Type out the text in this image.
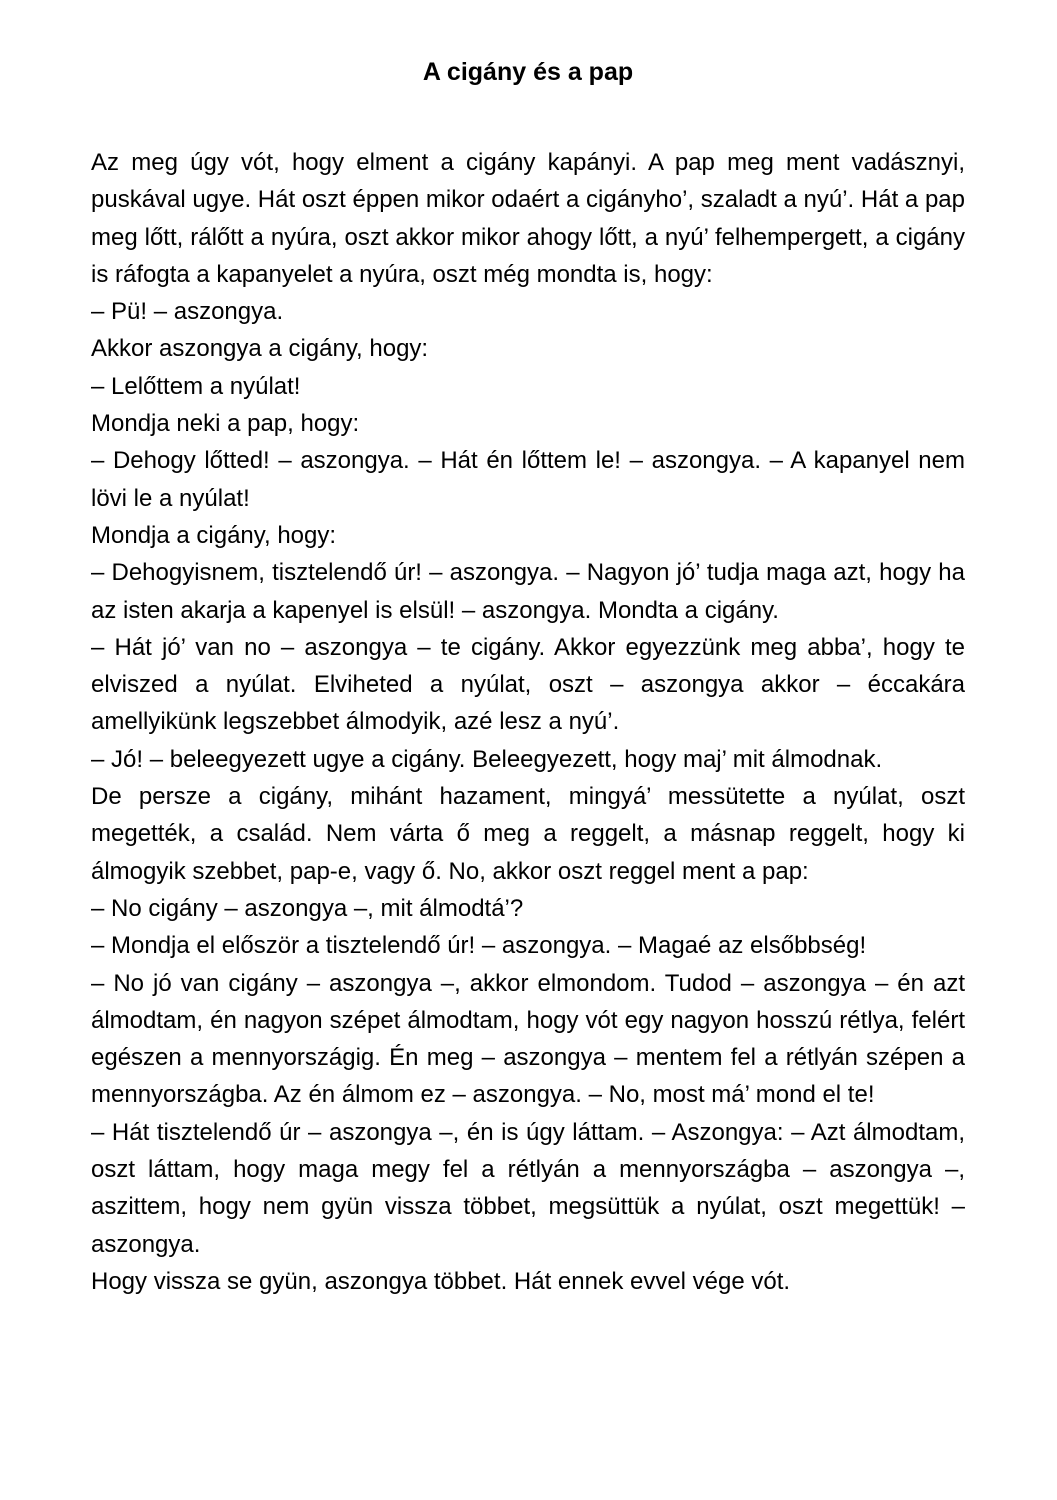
A cigány és a pap

Az meg úgy vót, hogy elment a cigány kapányi. A pap meg ment vadásznyi, puskával ugye. Hát oszt éppen mikor odaért a cigányho’, szaladt a nyú’. Hát a pap meg lőtt, rálőtt a nyúra, oszt akkor mikor ahogy lőtt, a nyú’ felhempergett, a cigány is ráfogta a kapanyelet a nyúra, oszt még mondta is, hogy:

– Pü! – aszongya.

Akkor aszongya a cigány, hogy:

– Lelőttem a nyúlat!

Mondja neki a pap, hogy:

– Dehogy lőtted! – aszongya. – Hát én lőttem le! – aszongya. – A kapanyel nem lövi le a nyúlat!

Mondja a cigány, hogy:

– Dehogyisnem, tisztelendő úr! – aszongya. – Nagyon jó’ tudja maga azt, hogy ha az isten akarja a kapenyel is elsül! – aszongya. Mondta a cigány.

– Hát jó’ van no – aszongya – te cigány. Akkor egyezzünk meg abba’, hogy te elviszed a nyúlat. Elviheted a nyúlat, oszt – aszongya akkor – éccakára amellyikünk legszebbet álmodyik, azé lesz a nyú’.

– Jó! – beleegyezett ugye a cigány. Beleegyezett, hogy maj’ mit álmodnak.

De persze a cigány, mihánt hazament, mingyá’ messütette a nyúlat, oszt megették, a család. Nem várta ő meg a reggelt, a másnap reggelt, hogy ki álmogyik szebbet, pap-e, vagy ő. No, akkor oszt reggel ment a pap:

– No cigány – aszongya –, mit álmodtá’?

– Mondja el először a tisztelendő úr! – aszongya. – Magaé az elsőbbség!

– No jó van cigány – aszongya –, akkor elmondom. Tudod – aszongya – én azt álmodtam, én nagyon szépet álmodtam, hogy vót egy nagyon hosszú rétlya, felért egészen a mennyországig. Én meg – aszongya – mentem fel a rétlyán szépen a mennyországba. Az én álmom ez – aszongya. – No, most má’ mond el te!

– Hát tisztelendő úr – aszongya –, én is úgy láttam. – Aszongya: – Azt álmodtam, oszt láttam, hogy maga megy fel a rétlyán a mennyországba – aszongya –, aszittem, hogy nem gyün vissza többet, megsüttük a nyúlat, oszt megettük! – aszongya.

Hogy vissza se gyün, aszongya többet. Hát ennek evvel vége vót.
